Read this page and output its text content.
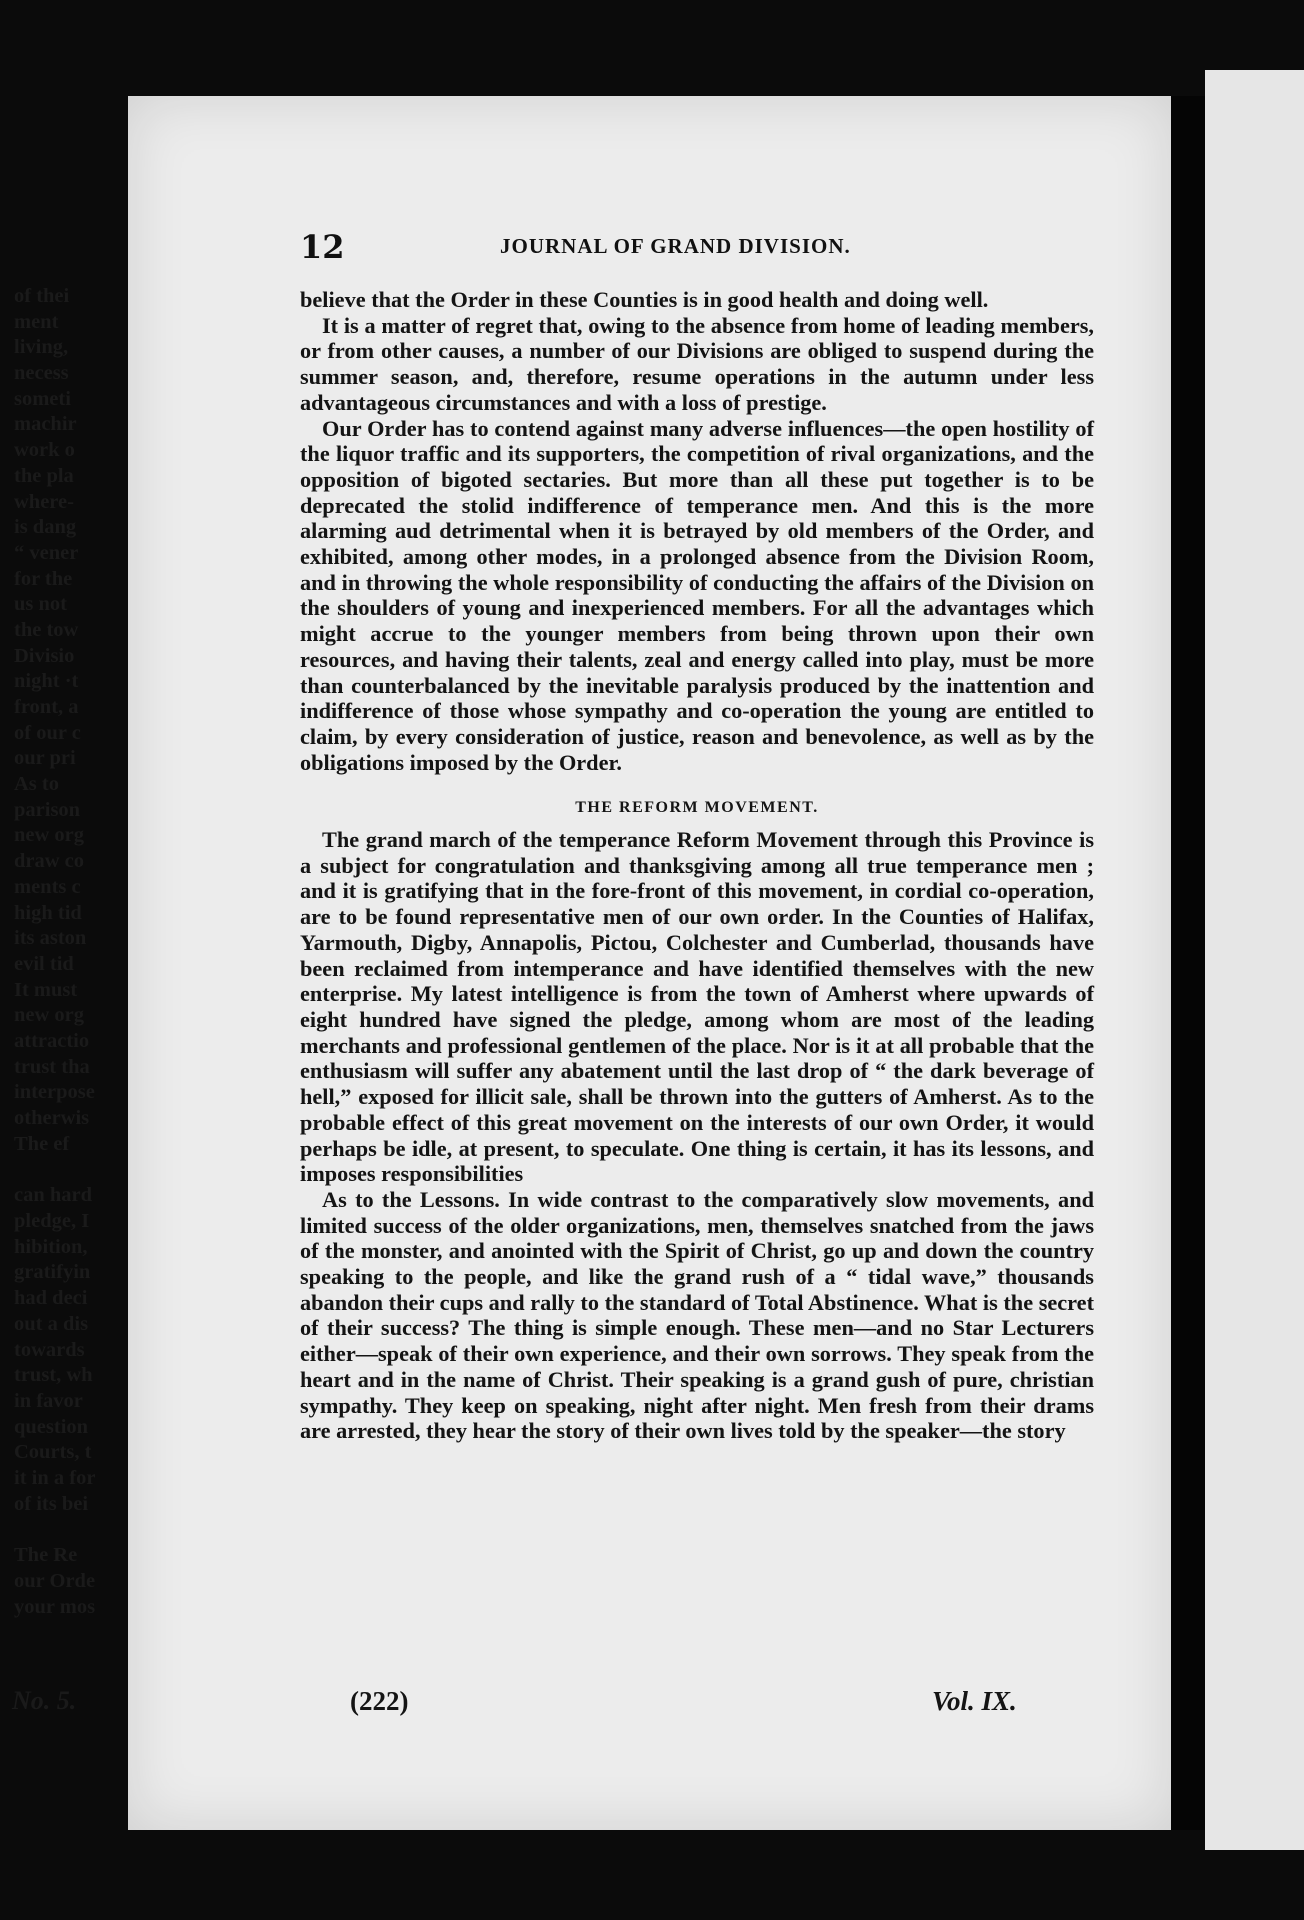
12	JOURNAL OF GRAND DIVISION.

believe that the Order in these Counties is in good health and doing well.

It is a matter of regret that, owing to the absence from home of leading members, or from other causes, a number of our Divisions are obliged to suspend during the summer season, and, therefore, resume operations in the autumn under less advantageous circumstances and with a loss of prestige.

Our Order has to contend against many adverse influences—the open hostility of the liquor traffic and its supporters, the competition of rival organizations, and the opposition of bigoted sectaries. But more than all these put together is to be deprecated the stolid indifference of temperance men. And this is the more alarming aud detrimental when it is betrayed by old members of the Order, and exhibited, among other modes, in a prolonged absence from the Division Room, and in throwing the whole responsibility of conducting the affairs of the Division on the shoulders of young and inexperienced members. For all the advantages which might accrue to the younger members from being thrown upon their own resources, and having their talents, zeal and energy called into play, must be more than counterbalanced by the inevitable paralysis produced by the inattention and indifference of those whose sympathy and co-operation the young are entitled to claim, by every consideration of justice, reason and benevolence, as well as by the obligations imposed by the Order.

THE REFORM MOVEMENT.

The grand march of the temperance Reform Movement through this Province is a subject for congratulation and thanksgiving among all true temperance men ; and it is gratifying that in the fore-front of this movement, in cordial co-operation, are to be found representative men of our own order. In the Counties of Halifax, Yarmouth, Digby, Annapolis, Pictou, Colchester and Cumberlad, thousands have been reclaimed from intemperance and have identified themselves with the new enterprise. My latest intelligence is from the town of Amherst where upwards of eight hundred have signed the pledge, among whom are most of the leading merchants and professional gentlemen of the place. Nor is it at all probable that the enthusiasm will suffer any abatement until the last drop of “ the dark beverage of hell,” exposed for illicit sale, shall be thrown into the gutters of Amherst. As to the probable effect of this great movement on the interests of our own Order, it would perhaps be idle, at present, to speculate. One thing is certain, it has its lessons, and imposes responsibilities

As to the Lessons. In wide contrast to the comparatively slow movements, and limited success of the older organizations, men, themselves snatched from the jaws of the monster, and anointed with the Spirit of Christ, go up and down the country speaking to the people, and like the grand rush of a “ tidal wave,” thousands abandon their cups and rally to the standard of Total Abstinence. What is the secret of their success? The thing is simple enough. These men—and no Star Lecturers either—speak of their own experience, and their own sorrows. They speak from the heart and in the name of Christ. Their speaking is a grand gush of pure, christian sympathy. They keep on speaking, night after night. Men fresh from their drams are arrested, they hear the story of their own lives told by the speaker—the story

(222)	Vol. IX.
of thei
ment
living,
necess
someti
machir
work o
the pla
where-
is dang
“ vener
for the
us not
the tow
Divisio
night ·t
front, a
of our c
our pri
As to
parison
new org
draw co
ments c
high tid
its aston
evil tid
It must
new org
attractio
trust tha
interpose
otherwis
The ef
can hard
pledge, I
hibition,
gratifyin
had deci
out a dis
towards
trust, wh
in favor
question
Courts, t
it in a for
of its bei
The Re
our Orde
your mos
No. 5.
